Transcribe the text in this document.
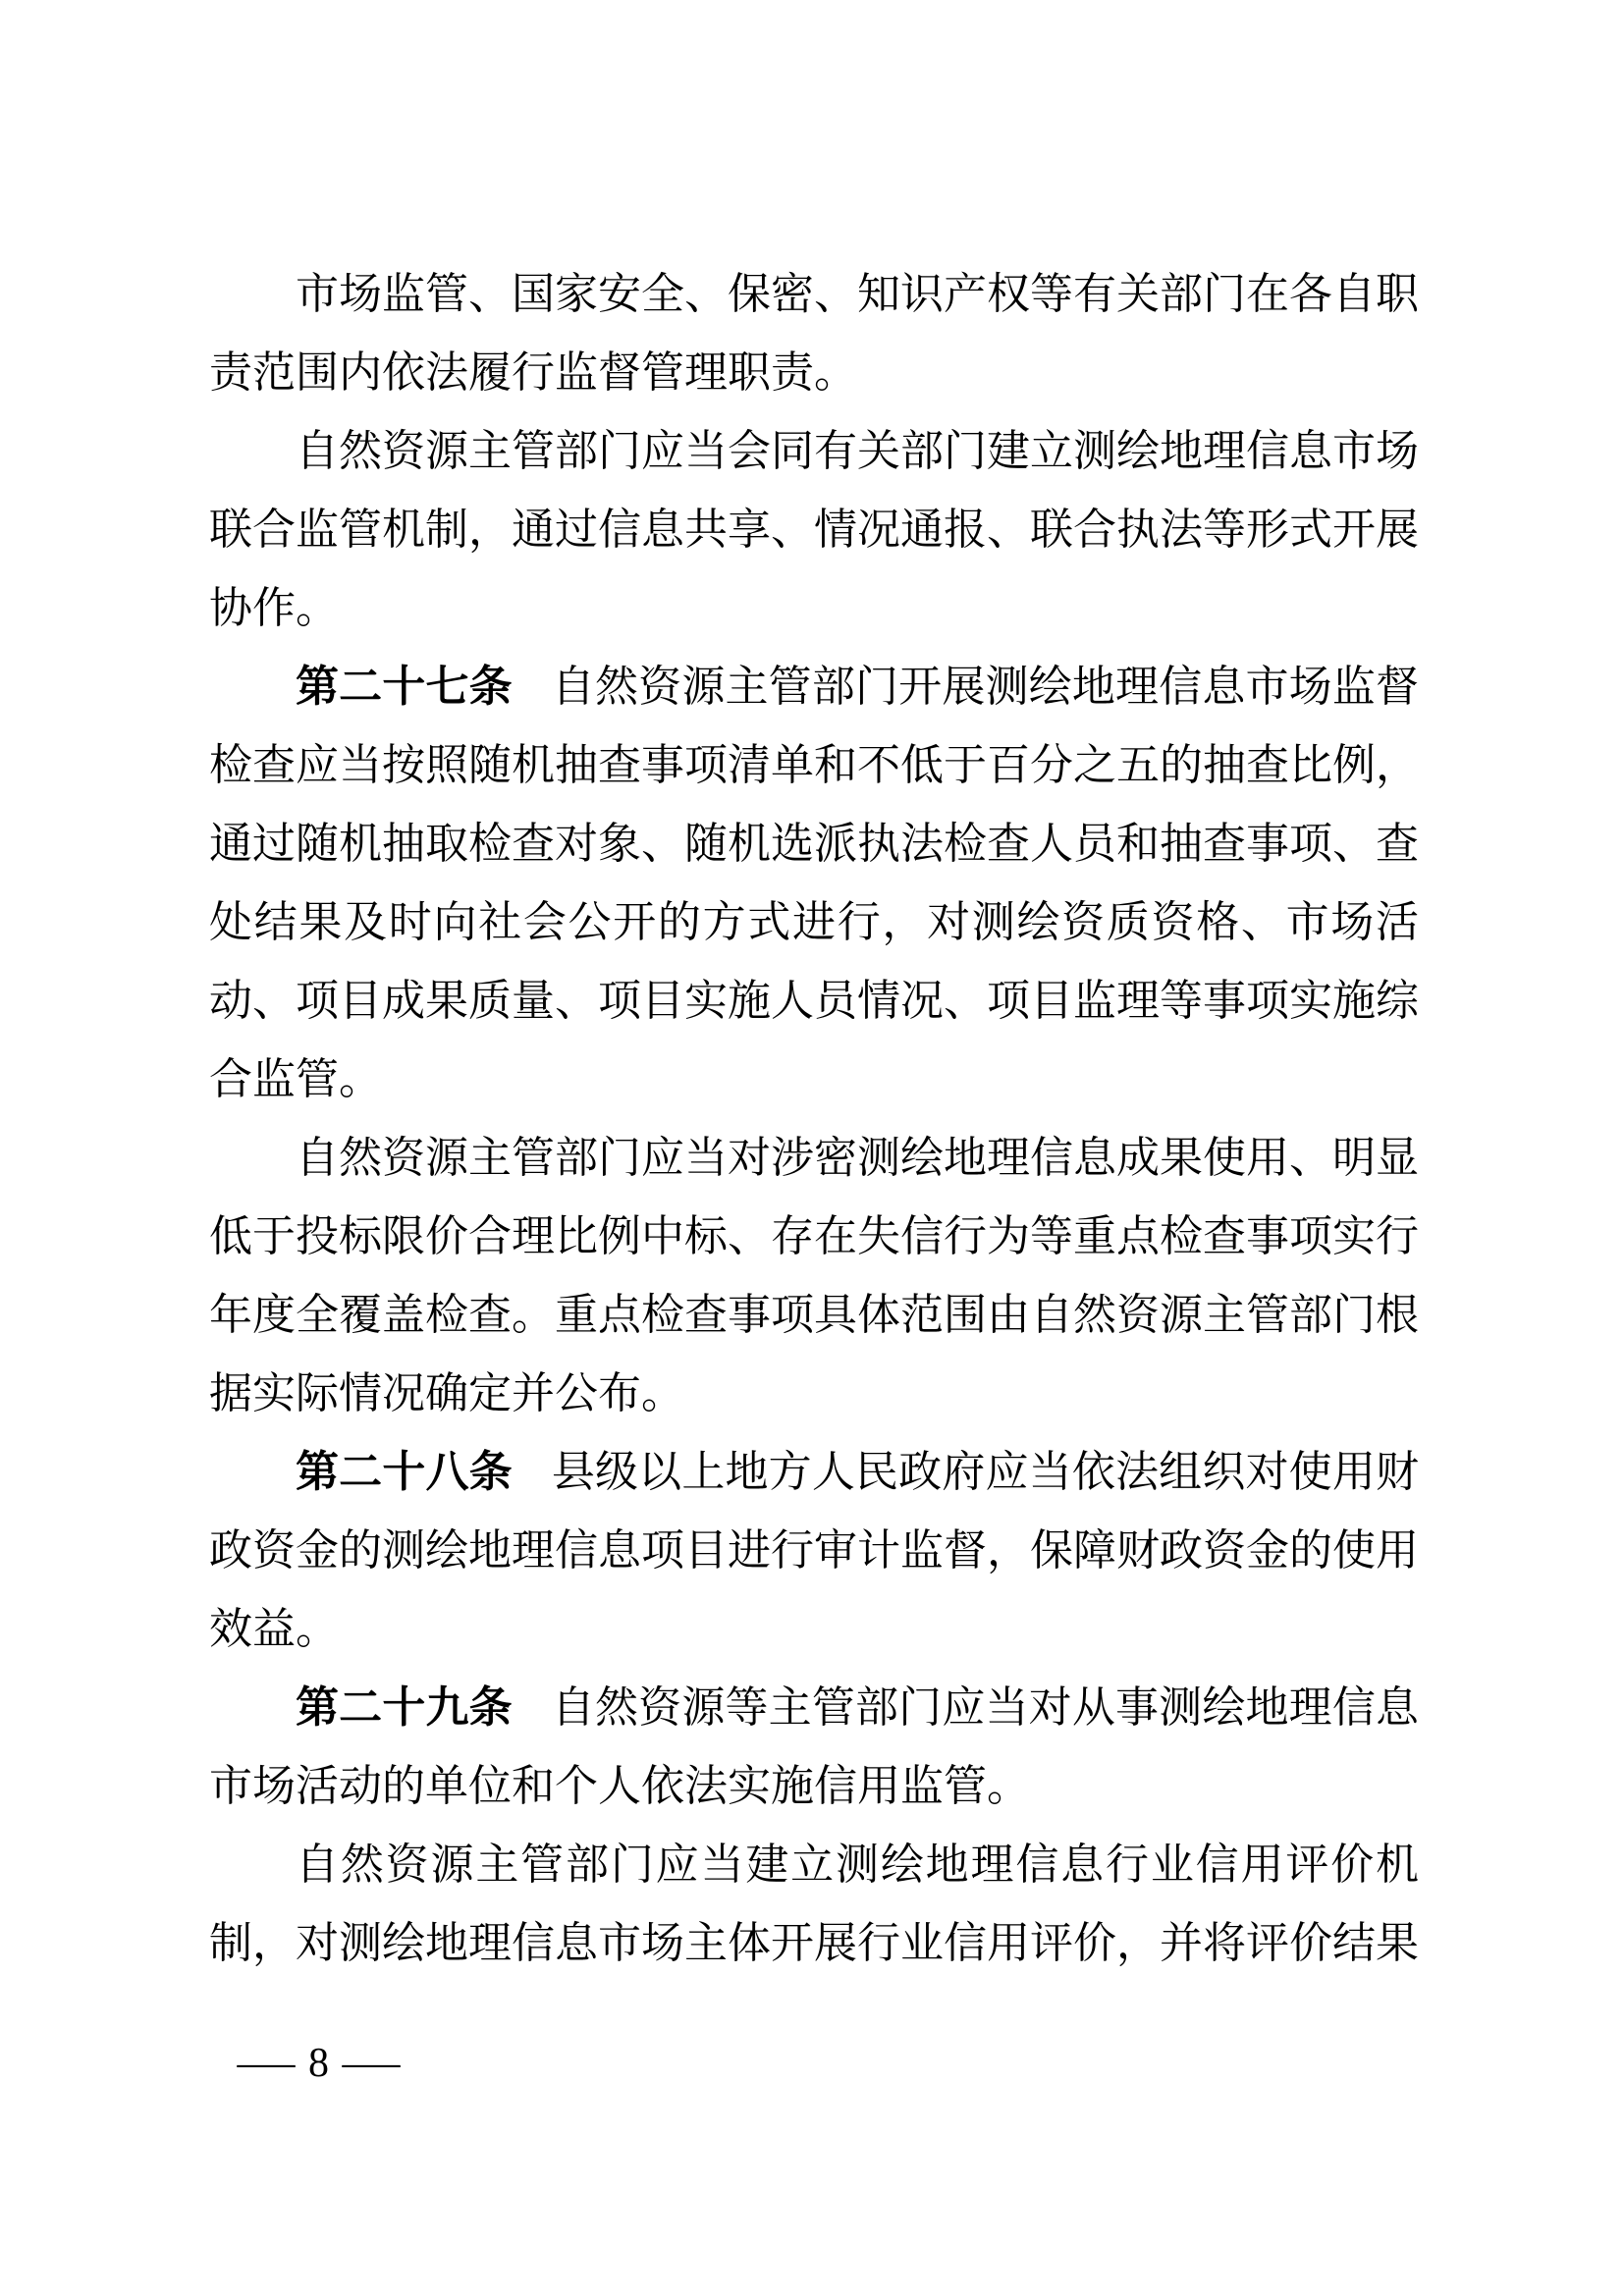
市场监管、国家安全、保密、知识产权等有关部门在各自职责范围内依法履行监督管理职责。

自然资源主管部门应当会同有关部门建立测绘地理信息市场联合监管机制，通过信息共享、情况通报、联合执法等形式开展协作。

第二十七条 自然资源主管部门开展测绘地理信息市场监督检查应当按照随机抽查事项清单和不低于百分之五的抽查比例，通过随机抽取检查对象、随机选派执法检查人员和抽查事项、查处结果及时向社会公开的方式进行，对测绘资质资格、市场活动、项目成果质量、项目实施人员情况、项目监理等事项实施综合监管。

自然资源主管部门应当对涉密测绘地理信息成果使用、明显低于投标限价合理比例中标、存在失信行为等重点检查事项实行年度全覆盖检查。重点检查事项具体范围由自然资源主管部门根据实际情况确定并公布。

第二十八条 县级以上地方人民政府应当依法组织对使用财政资金的测绘地理信息项目进行审计监督，保障财政资金的使用效益。

第二十九条 自然资源等主管部门应当对从事测绘地理信息市场活动的单位和个人依法实施信用监管。

自然资源主管部门应当建立测绘地理信息行业信用评价机制，对测绘地理信息市场主体开展行业信用评价，并将评价结果

— 8 —
